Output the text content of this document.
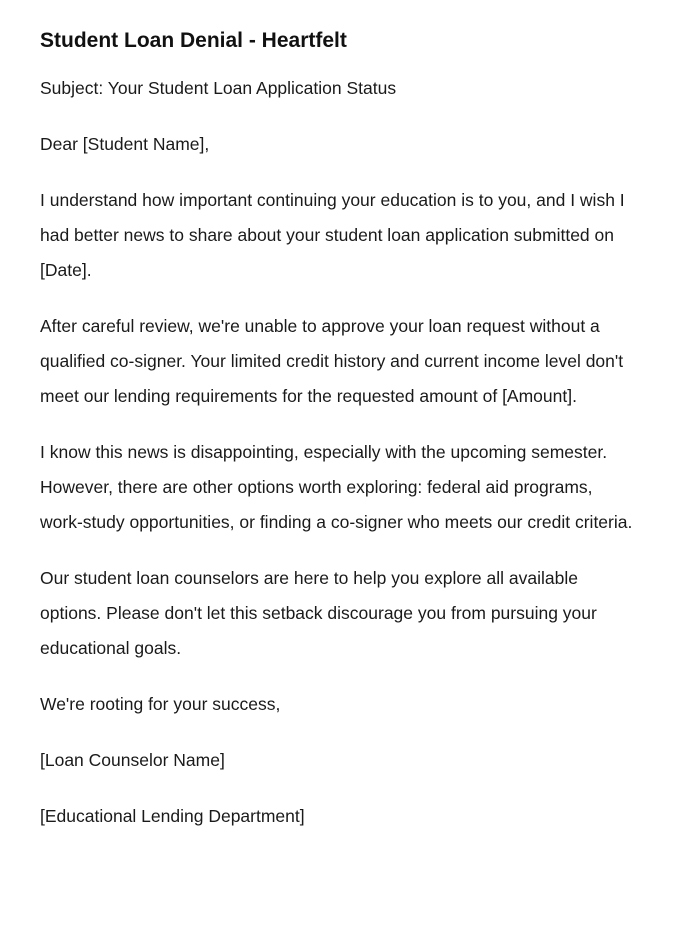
Student Loan Denial - Heartfelt

Subject: Your Student Loan Application Status

Dear [Student Name],

I understand how important continuing your education is to you, and I wish I had better news to share about your student loan application submitted on [Date].

After careful review, we're unable to approve your loan request without a qualified co-signer. Your limited credit history and current income level don't meet our lending requirements for the requested amount of [Amount].

I know this news is disappointing, especially with the upcoming semester. However, there are other options worth exploring: federal aid programs, work-study opportunities, or finding a co-signer who meets our credit criteria.

Our student loan counselors are here to help you explore all available options. Please don't let this setback discourage you from pursuing your educational goals.

We're rooting for your success,

[Loan Counselor Name]

[Educational Lending Department]
